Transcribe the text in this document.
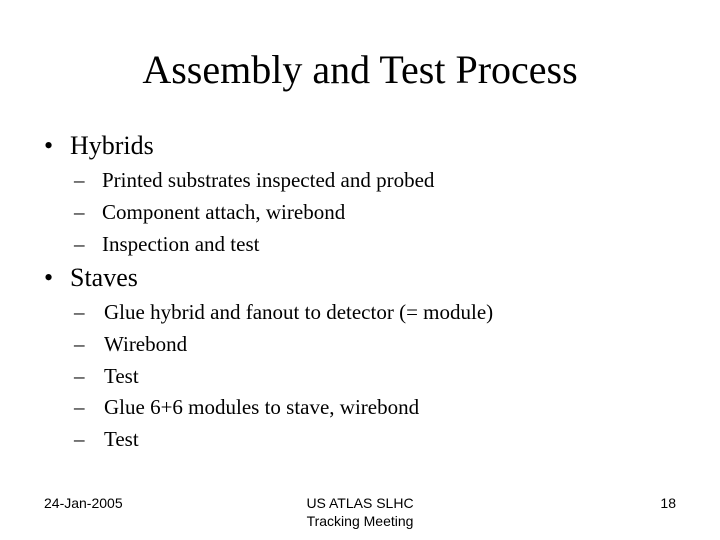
Assembly and Test Process
• Hybrids
– Printed substrates inspected and probed
– Component attach, wirebond
– Inspection and test
• Staves
– Glue hybrid and fanout to detector (= module)
– Wirebond
– Test
– Glue 6+6 modules to stave, wirebond
– Test
24-Jan-2005	US ATLAS SLHC
Tracking Meeting
18
